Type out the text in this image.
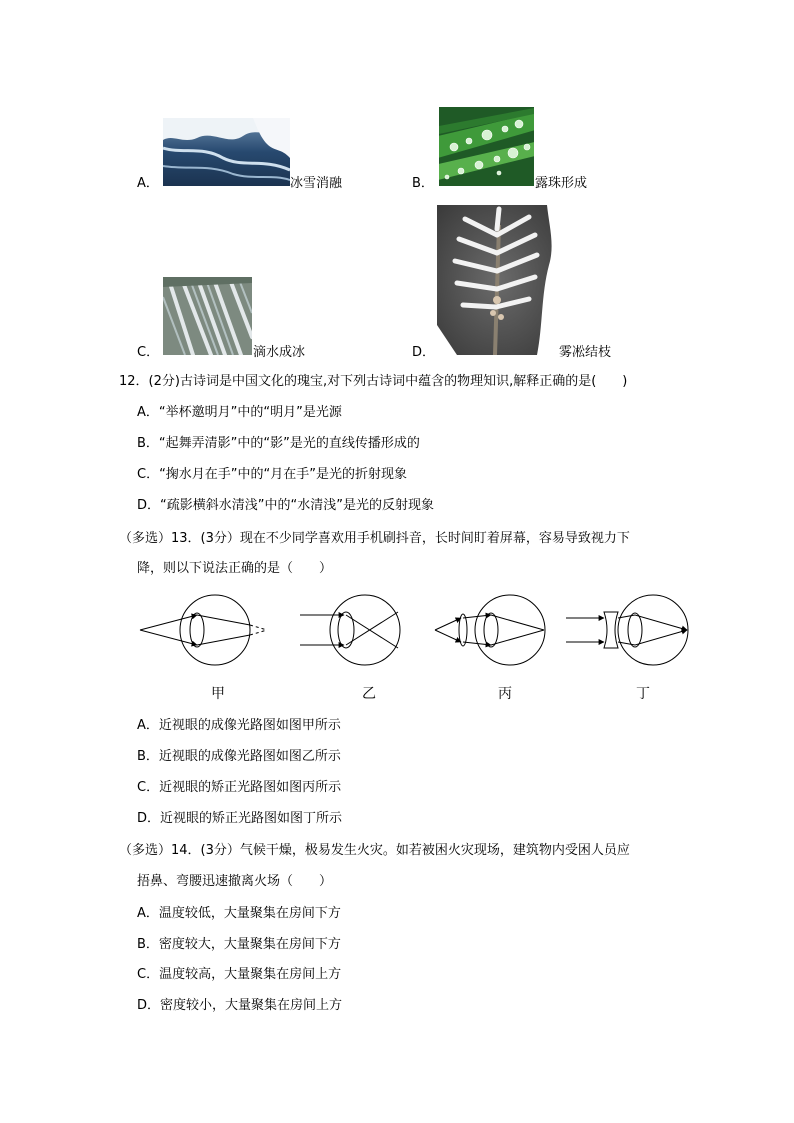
A．	冰雪消融	B．	露珠形成
C．	滴水成冰	D．	雾凇结枝
12．(2分)古诗词是中国文化的瑰宝,对下列古诗词中蕴含的物理知识,解释正确的是(　　)
A．“举杯邀明月”中的“明月”是光源
B．“起舞弄清影”中的“影”是光的直线传播形成的
C．“掬水月在手”中的“月在手”是光的折射现象
D．“疏影横斜水清浅”中的“水清浅”是光的反射现象
（多选）13．(3分）现在不少同学喜欢用手机刷抖音，长时间盯着屏幕，容易导致视力下
降，则以下说法正确的是（　　）
甲	乙	丙	丁
A．近视眼的成像光路图如图甲所示
B．近视眼的成像光路图如图乙所示
C．近视眼的矫正光路图如图丙所示
D．近视眼的矫正光路图如图丁所示
（多选）14．(3分）气候干燥，极易发生火灾。如若被困火灾现场，建筑物内受困人员应
捂鼻、弯腰迅速撤离火场（　　）
A．温度较低，大量聚集在房间下方
B．密度较大，大量聚集在房间下方
C．温度较高，大量聚集在房间上方
D．密度较小，大量聚集在房间上方
